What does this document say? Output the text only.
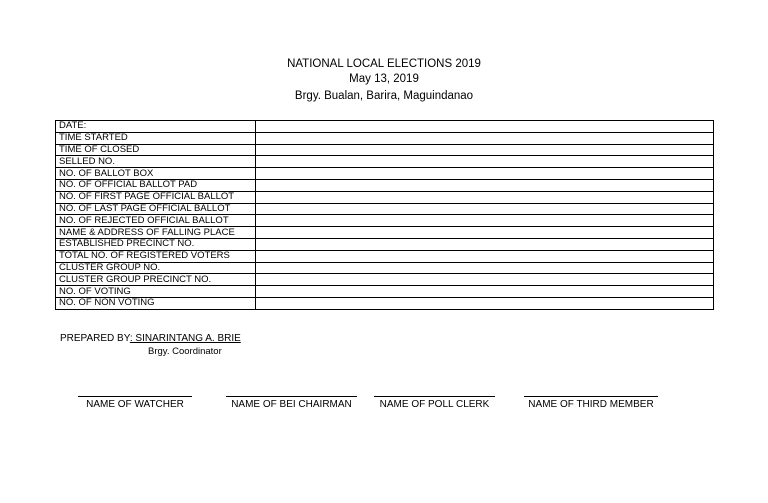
NATIONAL LOCAL ELECTIONS 2019
May 13, 2019
Brgy. Bualan, Barira, Maguindanao
DATE:	
TIME STARTED	
TIME OF CLOSED	
SELLED NO.	
NO. OF BALLOT BOX	
NO. OF OFFICIAL BALLOT PAD	
NO. OF FIRST PAGE OFFICIAL BALLOT	
NO. OF LAST PAGE OFFICIAL BALLOT	
NO. OF REJECTED OFFICIAL BALLOT	
NAME & ADDRESS OF FALLING PLACE	
ESTABLISHED PRECINCT NO.	
TOTAL NO. OF REGISTERED VOTERS	
CLUSTER GROUP NO.	
CLUSTER GROUP PRECINCT NO.	
NO. OF VOTING	
NO. OF NON VOTING	
PREPARED BY: SINARINTANG A. BRIE
Brgy. Coordinator
NAME OF WATCHER	NAME OF BEI CHAIRMAN	NAME OF POLL CLERK	NAME OF THIRD MEMBER
